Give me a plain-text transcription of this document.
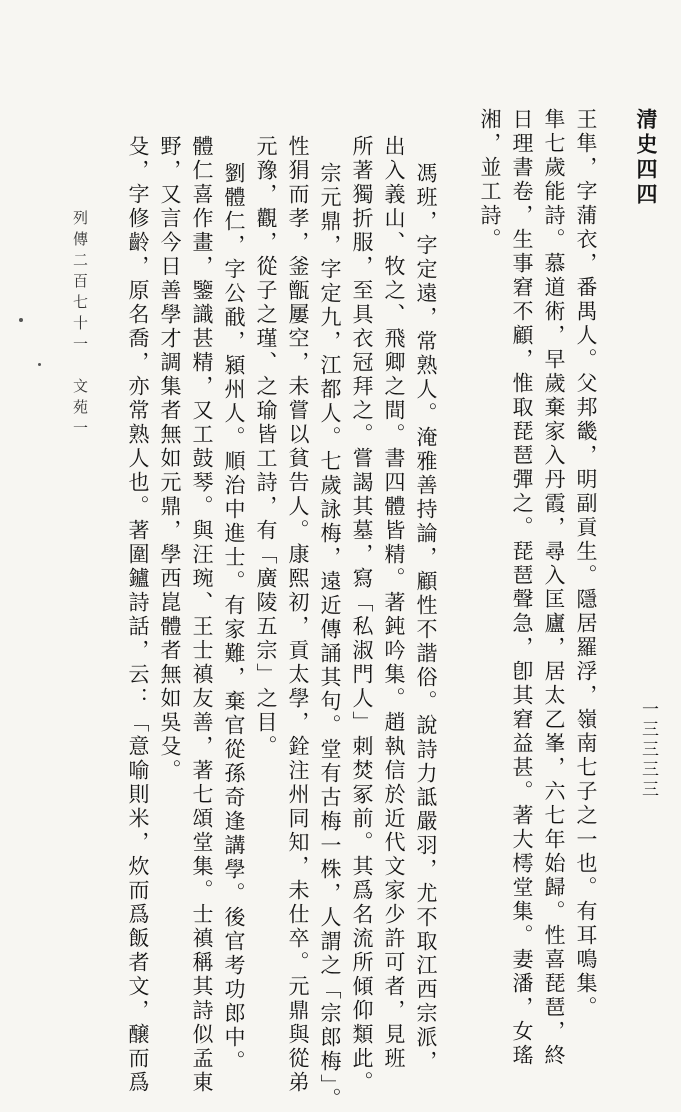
清史四四
一三三三三

王隼，字蒲衣，番禺人。父邦畿，明副貢生。隱居羅浮，嶺南七子之一也。有耳鳴集。

隼七歲能詩。慕道術，早歲棄家入丹霞，尋入匡廬，居太乙峯，六七年始歸。性喜琵琶，終

日理書卷，生事窘不顧，惟取琵琶彈之。琵琶聲急，卽其窘益甚。著大樗堂集。妻潘，女瑤

湘，並工詩。

馮班，字定遠，常熟人。淹雅善持論，顧性不諧俗。說詩力詆嚴羽，尤不取江西宗派，

出入義山、牧之、飛卿之間。書四體皆精。著鈍吟集。趙執信於近代文家少許可者，見班

所著獨折服，至具衣冠拜之。嘗謁其墓，寫「私淑門人」刺焚冢前。其爲名流所傾仰類此。

宗元鼎，字定九，江都人。七歲詠梅，遠近傳誦其句。堂有古梅一株，人謂之「宗郎梅」。

性狷而孝，釜甑屢空，未嘗以貧告人。康熙初，貢太學，銓注州同知，未仕卒。元鼎與從弟

元豫，觀，從子之瑾、之瑜皆工詩，有「廣陵五宗」之目。

劉體仁，字公㦷，潁州人。順治中進士。有家難，棄官從孫奇逢講學。後官考功郎中。

體仁喜作畫，鑒識甚精，又工鼓琴。與汪琬、王士禛友善，著七頌堂集。士禛稱其詩似孟東

野，又言今日善學才調集者無如元鼎，學西崑體者無如吳殳。

殳，字修齡，原名喬，亦常熟人也。著圍鑪詩話，云：「意喻則米，炊而爲飯者文，醸而爲

列傳二百七十一　文苑一
